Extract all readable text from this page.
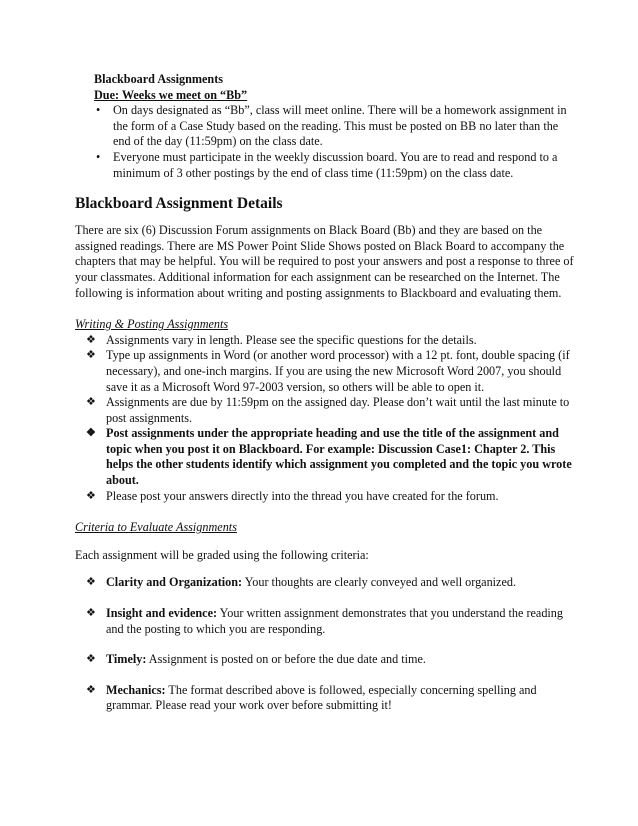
Blackboard Assignments
Due: Weeks we meet on “Bb”
• On days designated as “Bb”, class will meet online. There will be a homework assignment in the form of a Case Study based on the reading. This must be posted on BB no later than the end of the day (11:59pm) on the class date.
• Everyone must participate in the weekly discussion board. You are to read and respond to a minimum of 3 other postings by the end of class time (11:59pm) on the class date.
Blackboard Assignment Details

There are six (6) Discussion Forum assignments on Black Board (Bb) and they are based on the assigned readings. There are MS Power Point Slide Shows posted on Black Board to accompany the chapters that may be helpful. You will be required to post your answers and post a response to three of your classmates. Additional information for each assignment can be researched on the Internet. The following is information about writing and posting assignments to Blackboard and evaluating them.

Writing & Posting Assignments
❖ Assignments vary in length. Please see the specific questions for the details.
❖ Type up assignments in Word (or another word processor) with a 12 pt. font, double spacing (if necessary), and one-inch margins. If you are using the new Microsoft Word 2007, you should save it as a Microsoft Word 97-2003 version, so others will be able to open it.
❖ Assignments are due by 11:59pm on the assigned day. Please don’t wait until the last minute to post assignments.
❖ Post assignments under the appropriate heading and use the title of the assignment and topic when you post it on Blackboard. For example: Discussion Case1: Chapter 2. This helps the other students identify which assignment you completed and the topic you wrote about.
❖ Please post your answers directly into the thread you have created for the forum.
Criteria to Evaluate Assignments

Each assignment will be graded using the following criteria:

❖ Clarity and Organization: Your thoughts are clearly conveyed and well organized.
❖ Insight and evidence: Your written assignment demonstrates that you understand the reading and the posting to which you are responding.
❖ Timely: Assignment is posted on or before the due date and time.
❖ Mechanics: The format described above is followed, especially concerning spelling and grammar. Please read your work over before submitting it!
